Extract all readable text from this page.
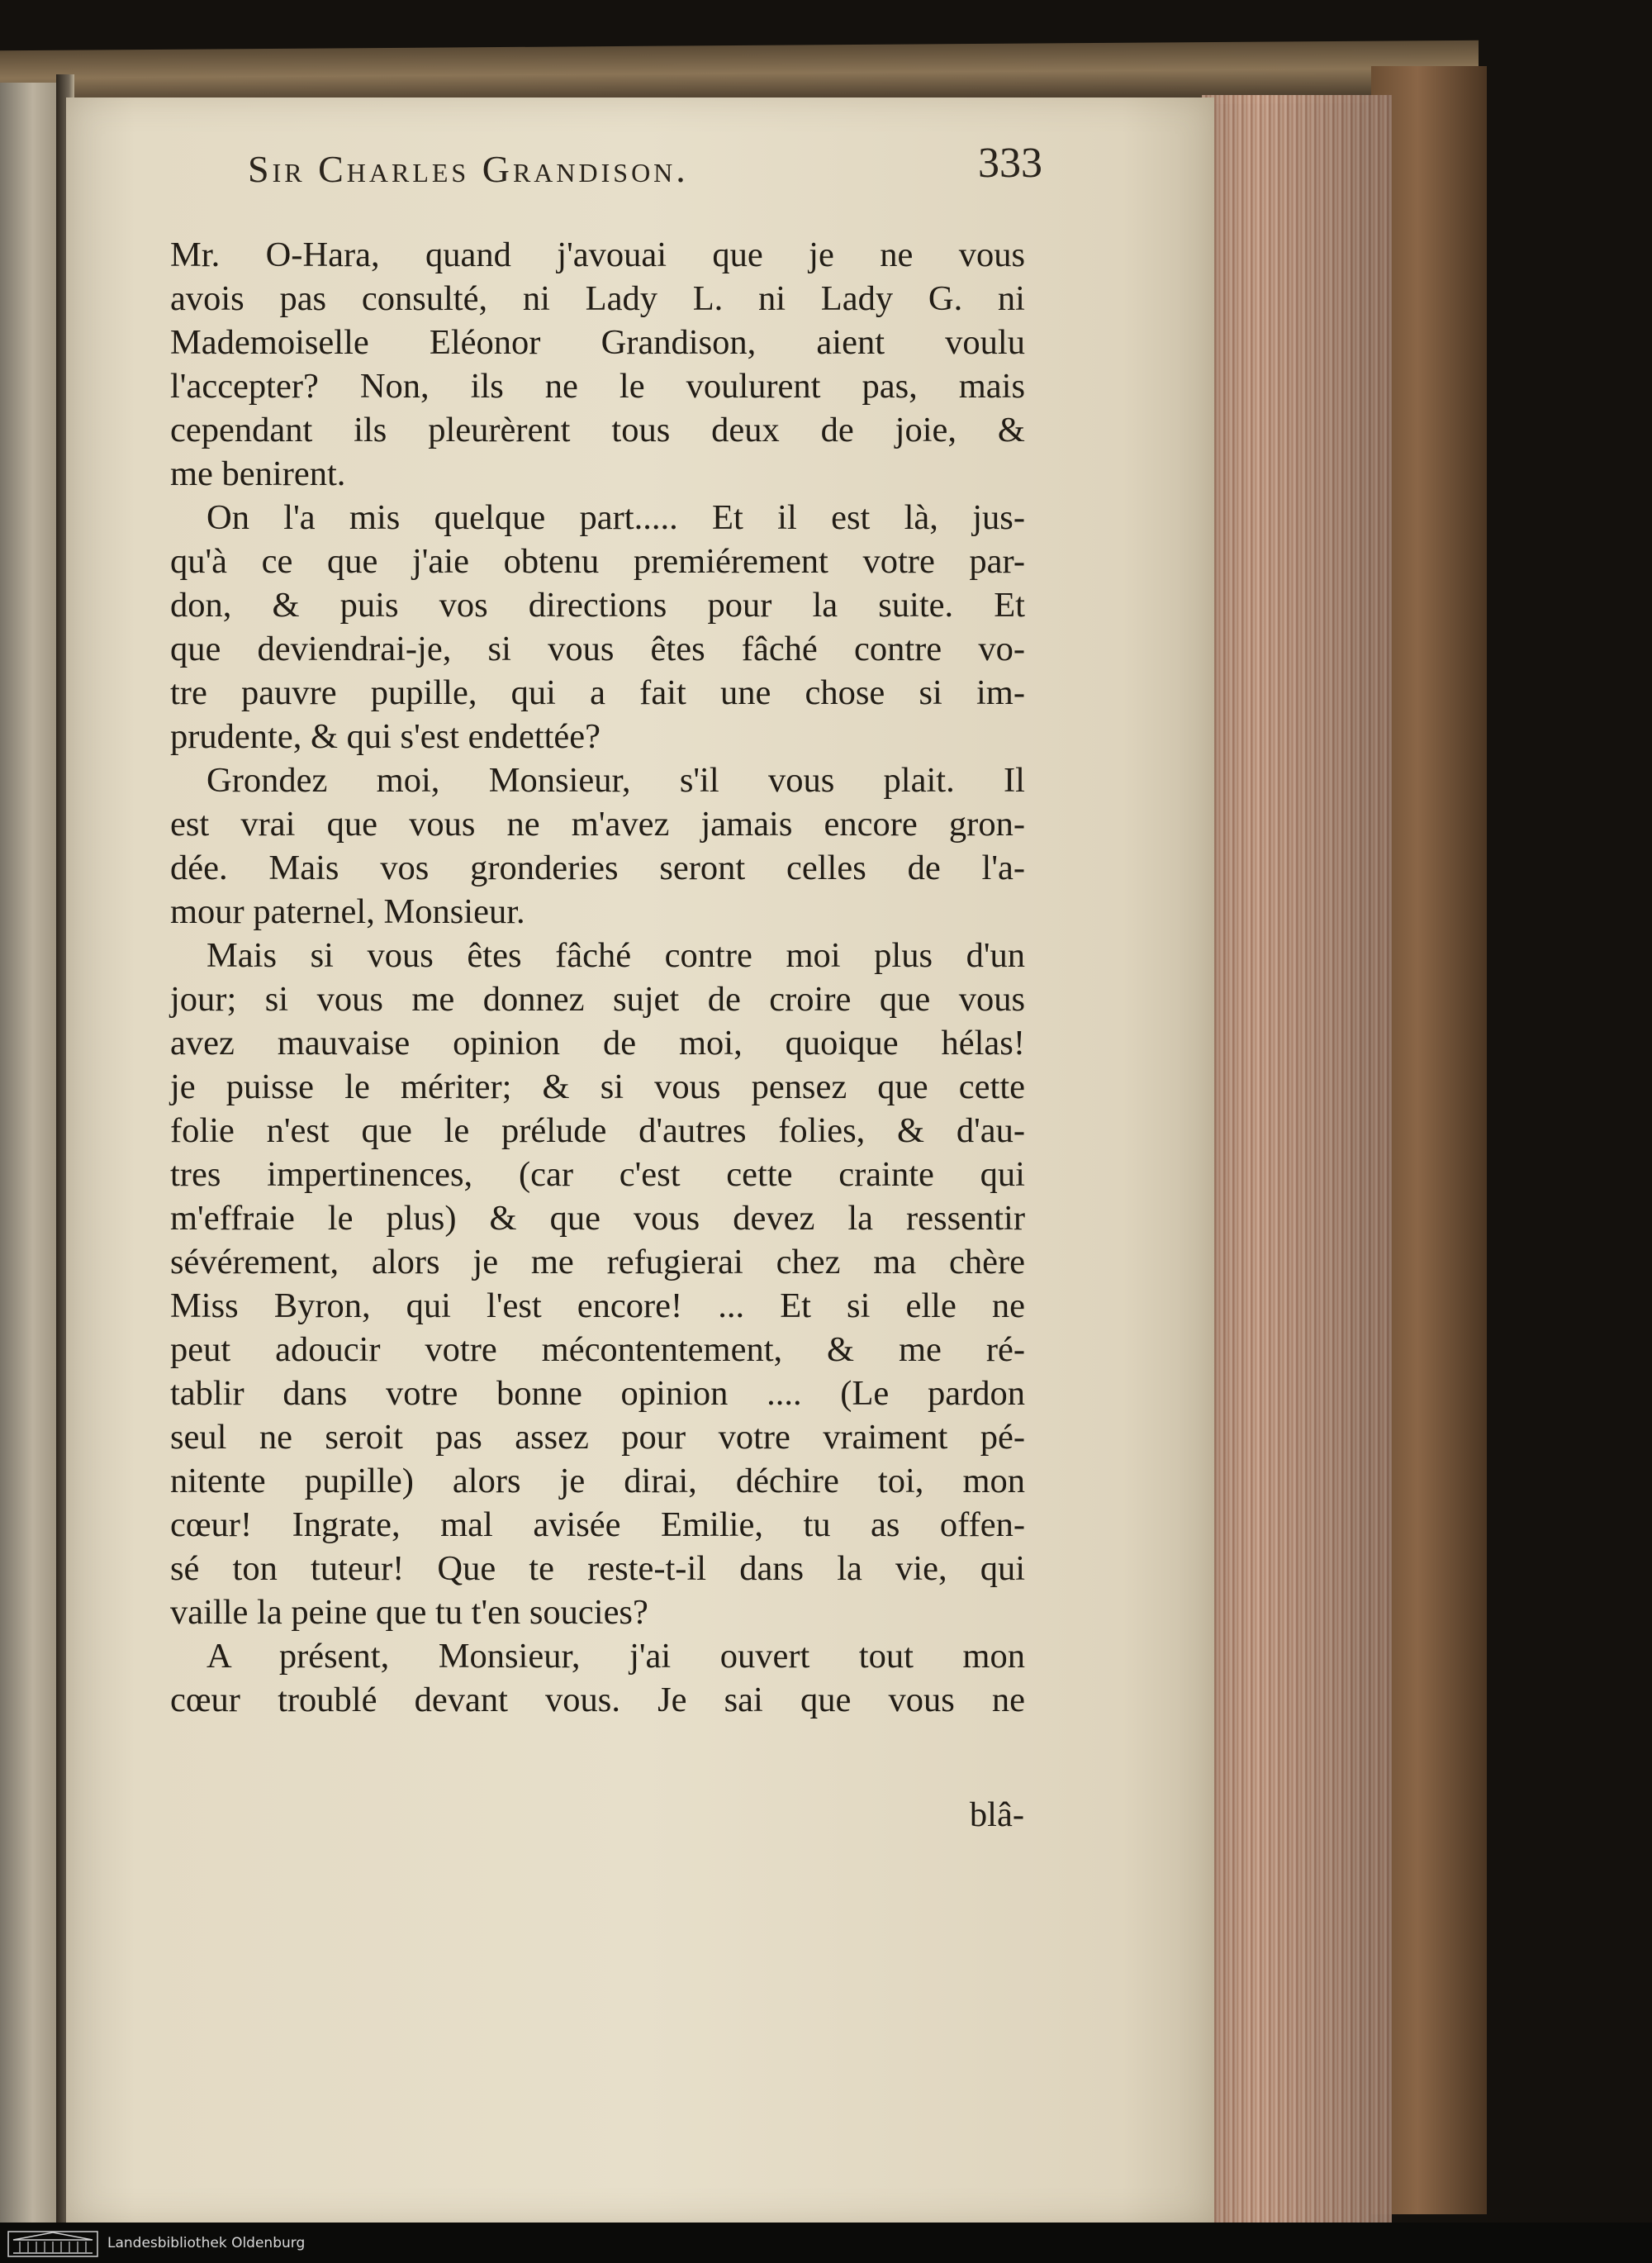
Sir Charles Grandison.	333
Mr. O-Hara, quand j'avouai que je ne vous
avois pas consulté, ni Lady L. ni Lady G. ni
Mademoiselle Eléonor Grandison, aient voulu
l'accepter? Non, ils ne le voulurent pas, mais
cependant ils pleurèrent tous deux de joie, &
me benirent.
On l'a mis quelque part..... Et il est là, jus-
qu'à ce que j'aie obtenu premiérement votre par-
don, & puis vos directions pour la suite. Et
que deviendrai-je, si vous êtes fâché contre vo-
tre pauvre pupille, qui a fait une chose si im-
prudente, & qui s'est endettée?
Grondez moi, Monsieur, s'il vous plait. Il
est vrai que vous ne m'avez jamais encore gron-
dée. Mais vos gronderies seront celles de l'a-
mour paternel, Monsieur.
Mais si vous êtes fâché contre moi plus d'un
jour; si vous me donnez sujet de croire que vous
avez mauvaise opinion de moi, quoique hélas!
je puisse le mériter; & si vous pensez que cette
folie n'est que le prélude d'autres folies, & d'au-
tres impertinences, (car c'est cette crainte qui
m'effraie le plus) & que vous devez la ressentir
sévérement, alors je me refugierai chez ma chère
Miss Byron, qui l'est encore! ... Et si elle ne
peut adoucir votre mécontentement, & me ré-
tablir dans votre bonne opinion .... (Le pardon
seul ne seroit pas assez pour votre vraiment pé-
nitente pupille) alors je dirai, déchire toi, mon
cœur! Ingrate, mal avisée Emilie, tu as offen-
sé ton tuteur! Que te reste-t-il dans la vie, qui
vaille la peine que tu t'en soucies?
A présent, Monsieur, j'ai ouvert tout mon
cœur troublé devant vous. Je sai que vous ne
blâ-
Landesbibliothek Oldenburg
